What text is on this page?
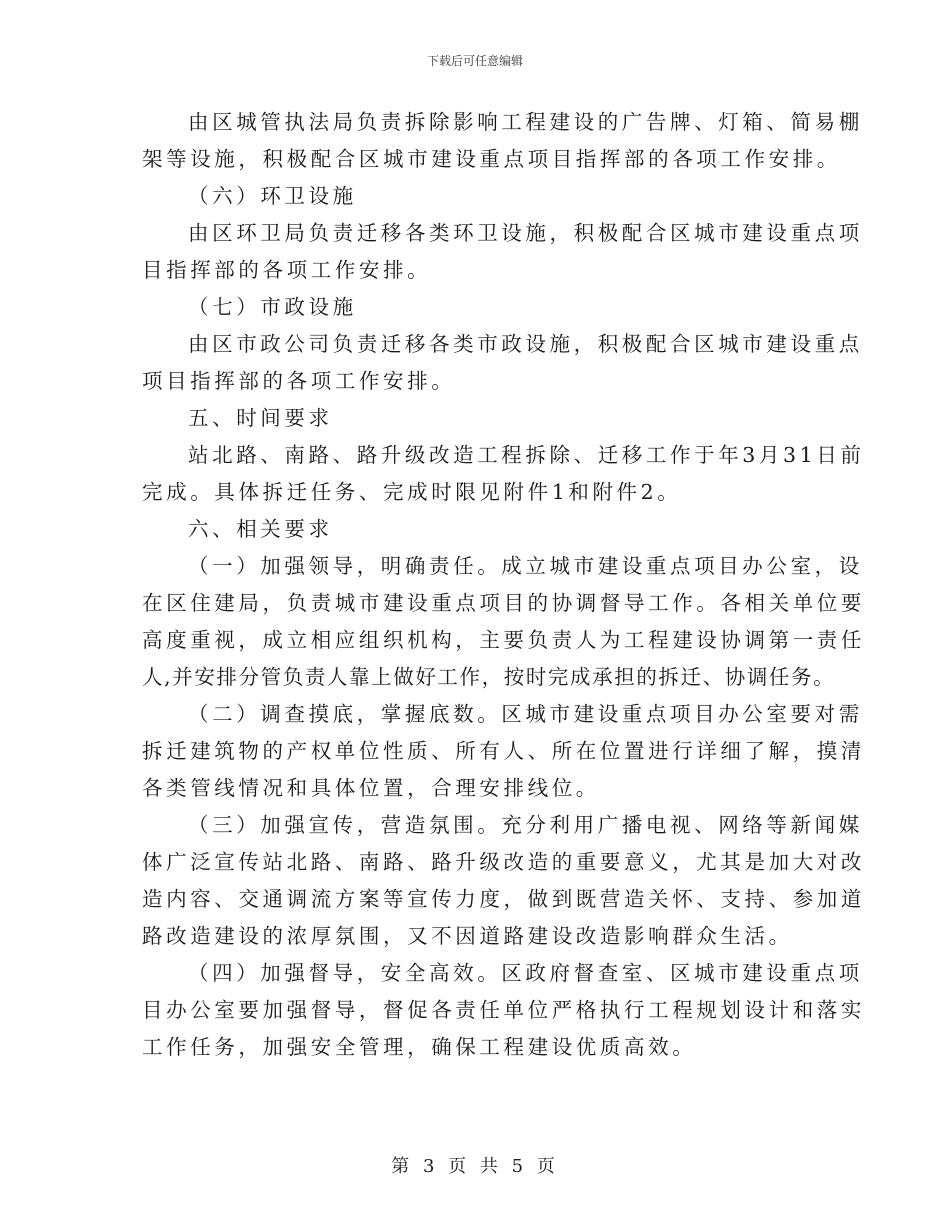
下载后可任意编辑

由区城管执法局负责拆除影响工程建设的广告牌、灯箱、简易棚

架等设施，积极配合区城市建设重点项目指挥部的各项工作安排。

（六）环卫设施

由区环卫局负责迁移各类环卫设施，积极配合区城市建设重点项

目指挥部的各项工作安排。

（七）市政设施

由区市政公司负责迁移各类市政设施，积极配合区城市建设重点

项目指挥部的各项工作安排。

五、时间要求

站北路、南路、路升级改造工程拆除、迁移工作于年3月31日前

完成。具体拆迁任务、完成时限见附件1和附件2。

六、相关要求

（一）加强领导，明确责任。成立城市建设重点项目办公室，设

在区住建局，负责城市建设重点项目的协调督导工作。各相关单位要

高度重视，成立相应组织机构，主要负责人为工程建设协调第一责任

人,并安排分管负责人靠上做好工作，按时完成承担的拆迁、协调任务。

（二）调查摸底，掌握底数。区城市建设重点项目办公室要对需

拆迁建筑物的产权单位性质、所有人、所在位置进行详细了解，摸清

各类管线情况和具体位置，合理安排线位。

（三）加强宣传，营造氛围。充分利用广播电视、网络等新闻媒

体广泛宣传站北路、南路、路升级改造的重要意义，尤其是加大对改

造内容、交通调流方案等宣传力度，做到既营造关怀、支持、参加道

路改造建设的浓厚氛围，又不因道路建设改造影响群众生活。

（四）加强督导，安全高效。区政府督查室、区城市建设重点项

目办公室要加强督导，督促各责任单位严格执行工程规划设计和落实

工作任务，加强安全管理，确保工程建设优质高效。

第 3 页 共 5 页
